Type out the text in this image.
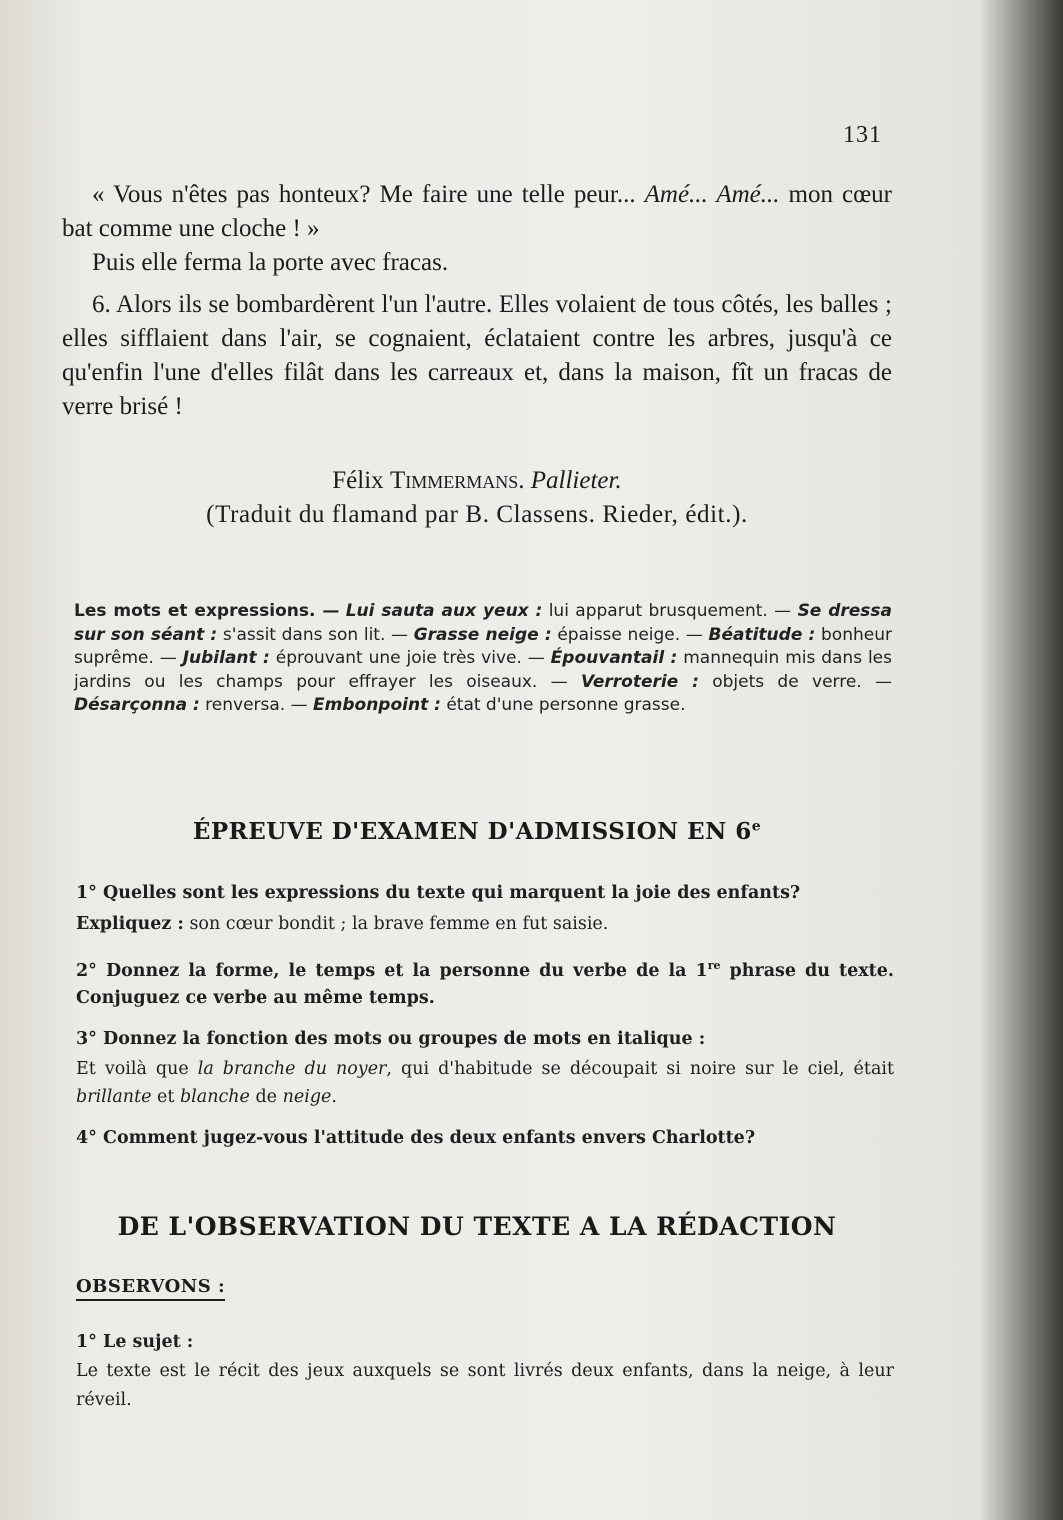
131

« Vous n'êtes pas honteux? Me faire une telle peur... Amé... Amé... mon cœur bat comme une cloche ! »

Puis elle ferma la porte avec fracas.

6. Alors ils se bombardèrent l'un l'autre. Elles volaient de tous côtés, les balles ; elles sifflaient dans l'air, se cognaient, éclataient contre les arbres, jusqu'à ce qu'enfin l'une d'elles filât dans les carreaux et, dans la maison, fît un fracas de verre brisé !

Félix Timmermans. Pallieter.
(Traduit du flamand par B. Classens. Rieder, édit.).
Les mots et expressions. — Lui sauta aux yeux : lui apparut brusquement. — Se dressa sur son séant : s'assit dans son lit. — Grasse neige : épaisse neige. — Béatitude : bonheur suprême. — Jubilant : éprouvant une joie très vive. — Épouvantail : mannequin mis dans les jardins ou les champs pour effrayer les oiseaux. — Verroterie : objets de verre. — Désarçonna : renversa. — Embonpoint : état d'une personne grasse.
ÉPREUVE D'EXAMEN D'ADMISSION EN 6e
1° Quelles sont les expressions du texte qui marquent la joie des enfants?
Expliquez : son cœur bondit ; la brave femme en fut saisie.
2° Donnez la forme, le temps et la personne du verbe de la 1re phrase du texte. Conjuguez ce verbe au même temps.
3° Donnez la fonction des mots ou groupes de mots en italique :
Et voilà que la branche du noyer, qui d'habitude se découpait si noire sur le ciel, était brillante et blanche de neige.
4° Comment jugez-vous l'attitude des deux enfants envers Charlotte?
DE L'OBSERVATION DU TEXTE A LA RÉDACTION
OBSERVONS :
1° Le sujet :
Le texte est le récit des jeux auxquels se sont livrés deux enfants, dans la neige, à leur réveil.
